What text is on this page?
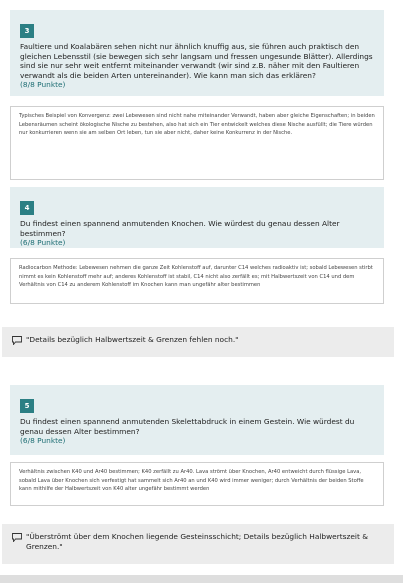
3
Faultiere und Koalabären sehen nicht nur ähnlich knuffig aus, sie führen auch praktisch den gleichen Lebensstil (sie bewegen sich sehr langsam und fressen ungesunde Blätter). Allerdings sind sie nur sehr weit entfernt miteinander verwandt (wir sind z.B. näher mit den Faultieren verwandt als die beiden Arten untereinander). Wie kann man sich das erklären?
(8/8 Punkte)
Typisches Beispiel von Konvergenz: zwei Lebewesen sind nicht nahe miteinander Verwandt, haben aber gleiche Eigenschaften; in beiden Lebensräumen scheint ökologische Nische zu bestehen, also hat sich ein Tier entwickelt welches diese Nische ausfüllt; die Tiere würden nur konkurrieren wenn sie am selben Ort leben, tun sie aber nicht, daher keine Konkurrenz in der Nische.
4
Du findest einen spannend anmutenden Knochen. Wie würdest du genau dessen Alter bestimmen?
(6/8 Punkte)
Radiocarbon Methode: Lebewesen nehmen die ganze Zeit Kohlenstoff auf, darunter C14 welches radioaktiv ist; sobald Lebewesen stirbt nimmt es kein Kohlenstoff mehr auf; anderes Kohlenstoff ist stabil, C14 nicht also zerfällt es; mit Halbwertszeit von C14 und dem Verhältnis von C14 zu anderem Kohlenstoff im Knochen kann man ungefähr alter bestimmen
"Details bezüglich Halbwertszeit & Grenzen fehlen noch."
5
Du findest einen spannend anmutenden Skelettabdruck in einem Gestein. Wie würdest du genau dessen Alter bestimmen?
(6/8 Punkte)
Verhältnis zwischen K40 und Ar40 bestimmen; K40 zerfällt zu Ar40. Lava strömt über Knochen, Ar40 entweicht durch flüssige Lava, sobald Lava über Knochen sich verfestigt hat sammelt sich Ar40 an und K40 wird immer weniger; durch Verhältnis der beiden Stoffe kann mithilfe der Halbwertszeit von K40 alter ungefähr bestimmt werden
"Überströmt über dem Knochen liegende Gesteinsschicht; Details bezüglich Halbwertszeit & Grenzen."
